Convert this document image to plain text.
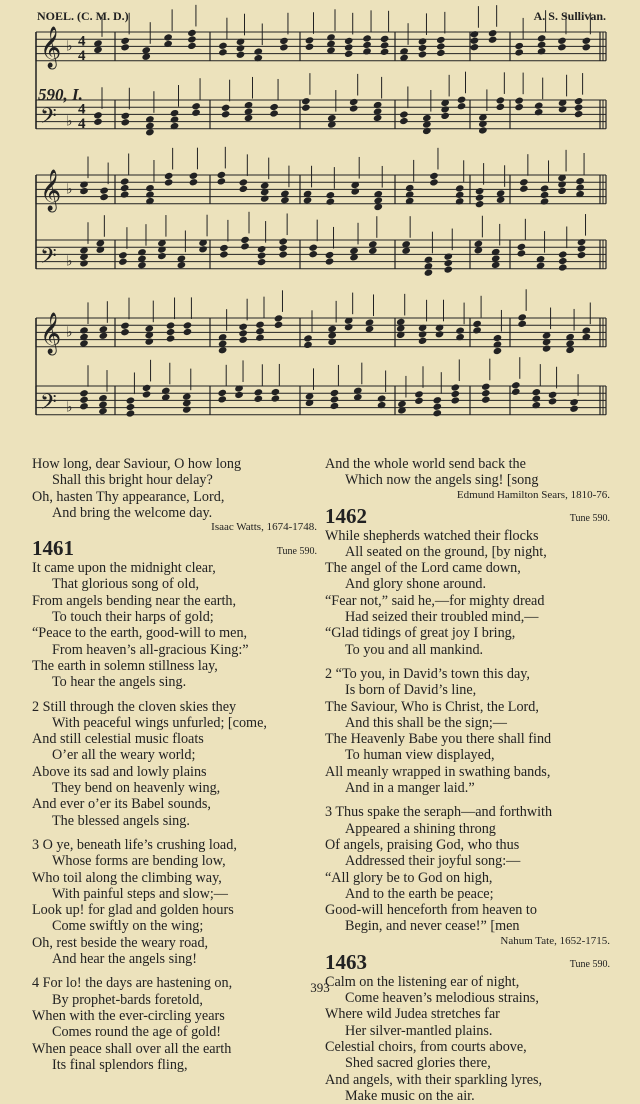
NOEL. (C. M. D.)	A. S. Sullivan.
590, I.
𝄞 ♭ 4
4
𝄢 ♭
4
4
𝄞 ♭
𝄢 ♭
𝄞 ♭
𝄢 ♭
How long, dear Saviour, O how long
Shall this bright hour delay?
Oh, hasten Thy appearance, Lord,
And bring the welcome day.
Isaac Watts, 1674-1748.
1461	Tune 590.
It came upon the midnight clear,
That glorious song of old,
From angels bending near the earth,
To touch their harps of gold;
“Peace to the earth, good-will to men,
From heaven’s all-gracious King:”
The earth in solemn stillness lay,
To hear the angels sing.
2 Still through the cloven skies they
With peaceful wings unfurled; [come,
And still celestial music floats
O’er all the weary world;
Above its sad and lowly plains
They bend on heavenly wing,
And ever o’er its Babel sounds,
The blessed angels sing.
3 O ye, beneath life’s crushing load,
Whose forms are bending low,
Who toil along the climbing way,
With painful steps and slow;—
Look up! for glad and golden hours
Come swiftly on the wing;
Oh, rest beside the weary road,
And hear the angels sing!
4 For lo! the days are hastening on,
By prophet-bards foretold,
When with the ever-circling years
Comes round the age of gold!
When peace shall over all the earth
Its final splendors fling,
And the whole world send back the
Which now the angels sing! [song
Edmund Hamilton Sears, 1810-76.
1462	Tune 590.
While shepherds watched their flocks
All seated on the ground, [by night,
The angel of the Lord came down,
And glory shone around.
“Fear not,” said he,—for mighty dread
Had seized their troubled mind,—
“Glad tidings of great joy I bring,
To you and all mankind.
2 “To you, in David’s town this day,
Is born of David’s line,
The Saviour, Who is Christ, the Lord,
And this shall be the sign;—
The Heavenly Babe you there shall find
To human view displayed,
All meanly wrapped in swathing bands,
And in a manger laid.”
3 Thus spake the seraph—and forthwith
Appeared a shining throng
Of angels, praising God, who thus
Addressed their joyful song:—
“All glory be to God on high,
And to the earth be peace;
Good-will henceforth from heaven to
Begin, and never cease!” [men
Nahum Tate, 1652-1715.
1463	Tune 590.
Calm on the listening ear of night,
Come heaven’s melodious strains,
Where wild Judea stretches far
Her silver-mantled plains.
Celestial choirs, from courts above,
Shed sacred glories there,
And angels, with their sparkling lyres,
Make music on the air.
393
